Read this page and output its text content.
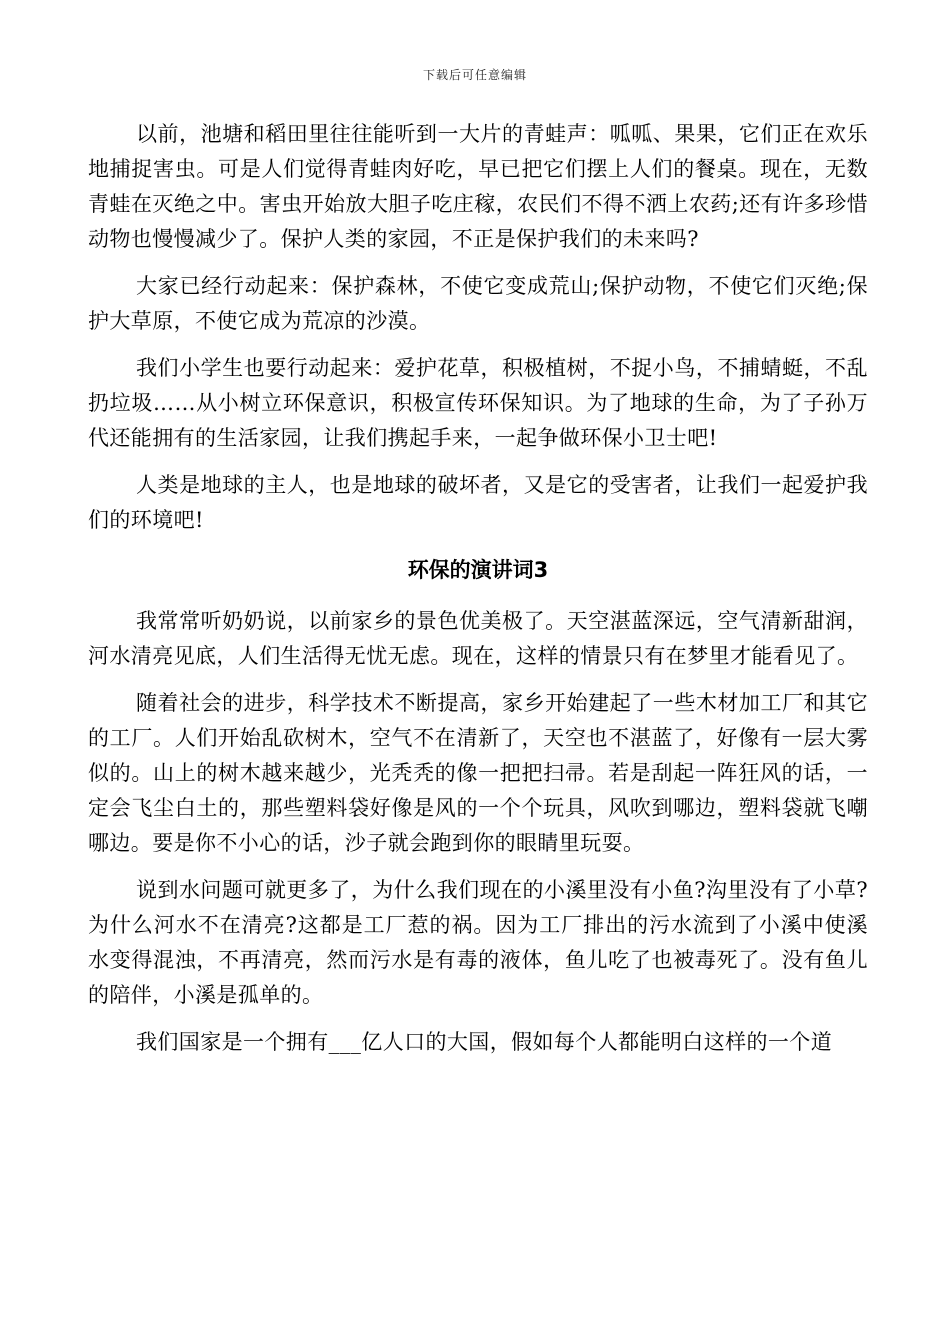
下载后可任意编辑

以前，池塘和稻田里往往能听到一大片的青蛙声：呱呱、果果，它们正在欢乐地捕捉害虫。可是人们觉得青蛙肉好吃，早已把它们摆上人们的餐桌。现在，无数青蛙在灭绝之中。害虫开始放大胆子吃庄稼，农民们不得不洒上农药;还有许多珍惜动物也慢慢减少了。保护人类的家园，不正是保护我们的未来吗?

大家已经行动起来：保护森林，不使它变成荒山;保护动物，不使它们灭绝;保护大草原，不使它成为荒凉的沙漠。

我们小学生也要行动起来：爱护花草，积极植树，不捉小鸟，不捕蜻蜓，不乱扔垃圾……从小树立环保意识，积极宣传环保知识。为了地球的生命，为了子孙万代还能拥有的生活家园，让我们携起手来，一起争做环保小卫士吧!

人类是地球的主人，也是地球的破坏者，又是它的受害者，让我们一起爱护我们的环境吧!

环保的演讲词3

我常常听奶奶说，以前家乡的景色优美极了。天空湛蓝深远，空气清新甜润，河水清亮见底，人们生活得无忧无虑。现在，这样的情景只有在梦里才能看见了。

随着社会的进步，科学技术不断提高，家乡开始建起了一些木材加工厂和其它的工厂。人们开始乱砍树木，空气不在清新了，天空也不湛蓝了，好像有一层大雾似的。山上的树木越来越少，光秃秃的像一把把扫帚。若是刮起一阵狂风的话，一定会飞尘白土的，那些塑料袋好像是风的一个个玩具，风吹到哪边，塑料袋就飞嘲哪边。要是你不小心的话，沙子就会跑到你的眼睛里玩耍。

说到水问题可就更多了，为什么我们现在的小溪里没有小鱼?沟里没有了小草?为什么河水不在清亮?这都是工厂惹的祸。因为工厂排出的污水流到了小溪中使溪水变得混浊，不再清亮，然而污水是有毒的液体，鱼儿吃了也被毒死了。没有鱼儿的陪伴，小溪是孤单的。

我们国家是一个拥有___亿人口的大国，假如每个人都能明白这样的一个道
